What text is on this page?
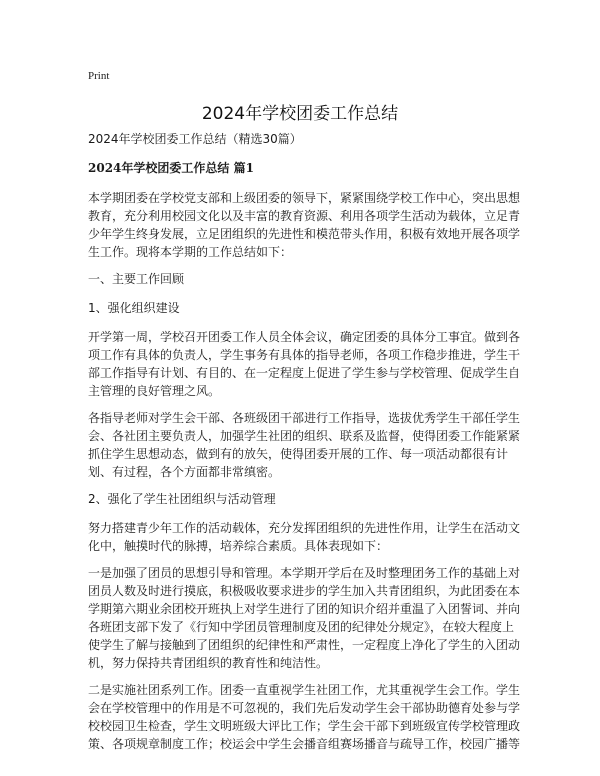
Print
2024年学校团委工作总结

2024年学校团委工作总结（精选30篇）

2024年学校团委工作总结 篇1

本学期团委在学校党支部和上级团委的领导下，紧紧围绕学校工作中心，突出思想教育，充分利用校园文化以及丰富的教育资源、利用各项学生活动为载体，立足青少年学生终身发展，立足团组织的先进性和模范带头作用，积极有效地开展各项学生工作。现将本学期的工作总结如下：

一、主要工作回顾

1、强化组织建设

开学第一周，学校召开团委工作人员全体会议，确定团委的具体分工事宜。做到各项工作有具体的负责人，学生事务有具体的指导老师，各项工作稳步推进，学生干部工作指导有计划、有目的、在一定程度上促进了学生参与学校管理、促成学生自主管理的良好管理之风。

各指导老师对学生会干部、各班级团干部进行工作指导，选拔优秀学生干部任学生会、各社团主要负责人，加强学生社团的组织、联系及监督，使得团委工作能紧紧抓住学生思想动态，做到有的放矢，使得团委开展的工作、每一项活动都很有计划、有过程，各个方面都非常缜密。

2、强化了学生社团组织与活动管理

努力搭建青少年工作的活动载体，充分发挥团组织的先进性作用，让学生在活动文化中，触摸时代的脉搏，培养综合素质。具体表现如下：

一是加强了团员的思想引导和管理。本学期开学后在及时整理团务工作的基础上对团员人数及时进行摸底，积极吸收要求进步的学生加入共青团组织，为此团委在本学期第六期业余团校开班执上对学生进行了团的知识介绍并重温了入团誓词、并向各班团支部下发了《行知中学团员管理制度及团的纪律处分规定》，在较大程度上使学生了解与接触到了团组织的纪律性和严肃性，一定程度上净化了学生的入团动机，努力保持共青团组织的教育性和纯洁性。

二是实施社团系列工作。团委一直重视学生社团工作，尤其重视学生会工作。学生会在学校管理中的作用是不可忽视的，我们先后发动学生会干部协助德育处参与学校校园卫生检查，学生文明班级大评比工作；学生会干部下到班级宣传学校管理政策、各项规章制度工作；校运会中学生会播音组赛场播音与疏导工作，校园广播等
